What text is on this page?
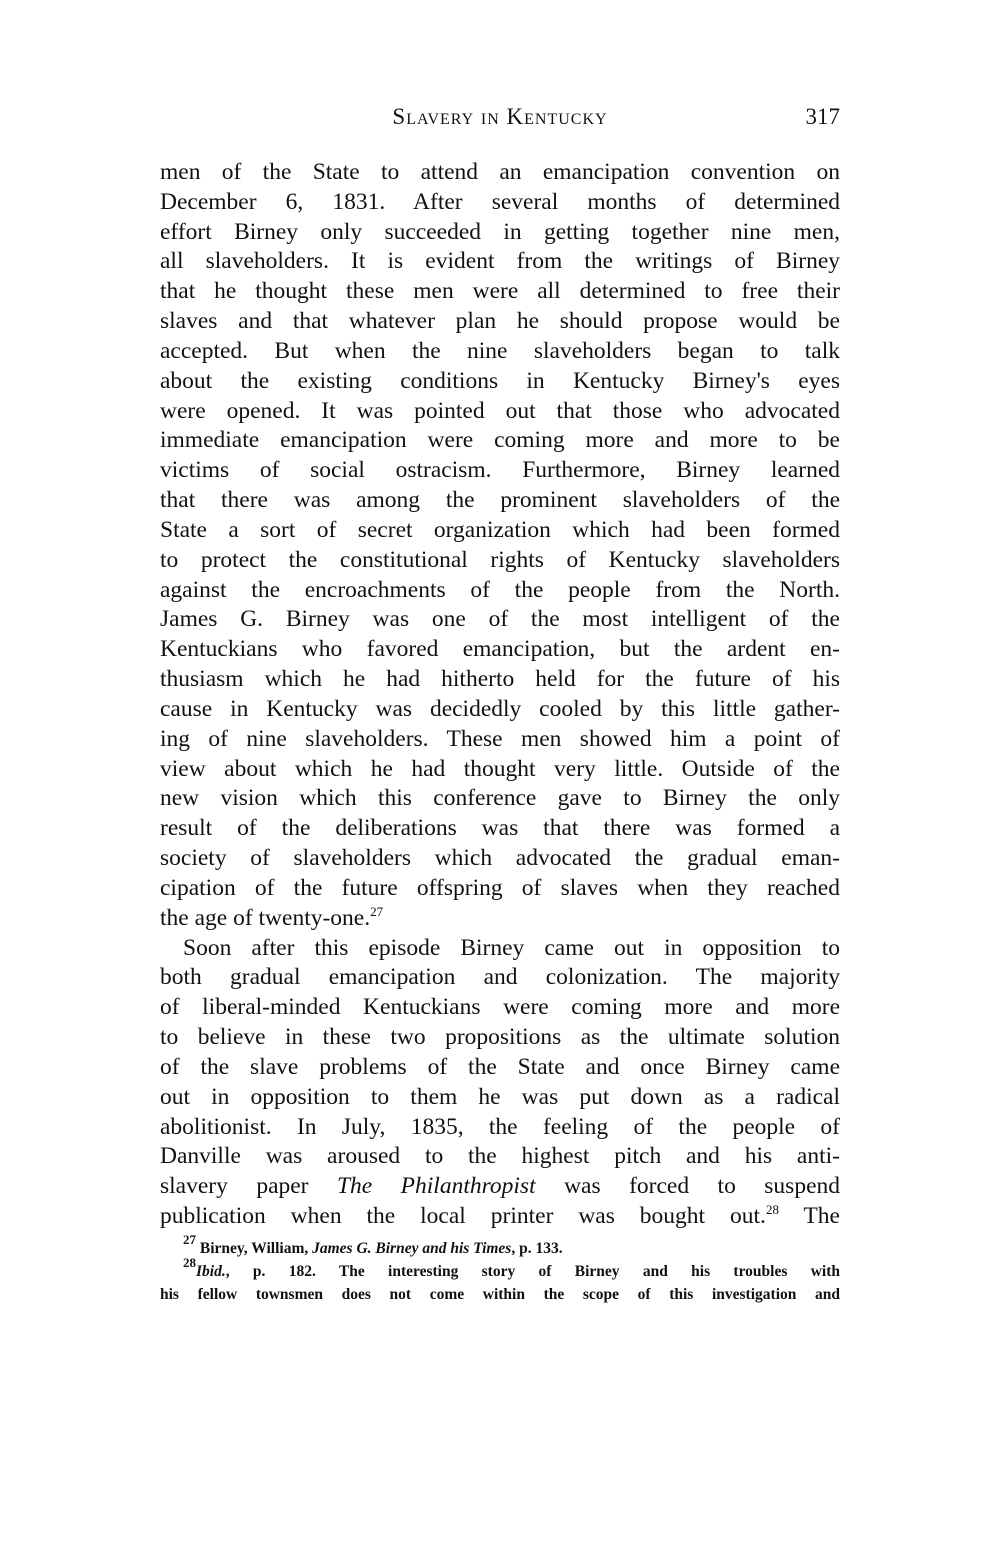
Slavery in Kentucky	317
men of the State to attend an emancipation convention on
December 6, 1831. After several months of determined
effort Birney only succeeded in getting together nine men,
all slaveholders. It is evident from the writings of Birney
that he thought these men were all determined to free their
slaves and that whatever plan he should propose would be
accepted. But when the nine slaveholders began to talk
about the existing conditions in Kentucky Birney's eyes
were opened. It was pointed out that those who advocated
immediate emancipation were coming more and more to be
victims of social ostracism. Furthermore, Birney learned
that there was among the prominent slaveholders of the
State a sort of secret organization which had been formed
to protect the constitutional rights of Kentucky slaveholders
against the encroachments of the people from the North.
James G. Birney was one of the most intelligent of the
Kentuckians who favored emancipation, but the ardent en-
thusiasm which he had hitherto held for the future of his
cause in Kentucky was decidedly cooled by this little gather-
ing of nine slaveholders. These men showed him a point of
view about which he had thought very little. Outside of the
new vision which this conference gave to Birney the only
result of the deliberations was that there was formed a
society of slaveholders which advocated the gradual eman-
cipation of the future offspring of slaves when they reached
the age of twenty-one.$^{27}$
Soon after this episode Birney came out in opposition to
both gradual emancipation and colonization. The majority
of liberal-minded Kentuckians were coming more and more
to believe in these two propositions as the ultimate solution
of the slave problems of the State and once Birney came
out in opposition to them he was put down as a radical
abolitionist. In July, 1835, the feeling of the people of
Danville was aroused to the highest pitch and his anti-
slavery paper The Philanthropist was forced to suspend
publication when the local printer was bought out.$^{28}$ The
$^{27}$ Birney, William, James G. Birney and his Times, p. 133.
$^{28}$Ibid., p. 182. The interesting story of Birney and his troubles with
his fellow townsmen does not come within the scope of this investigation and
